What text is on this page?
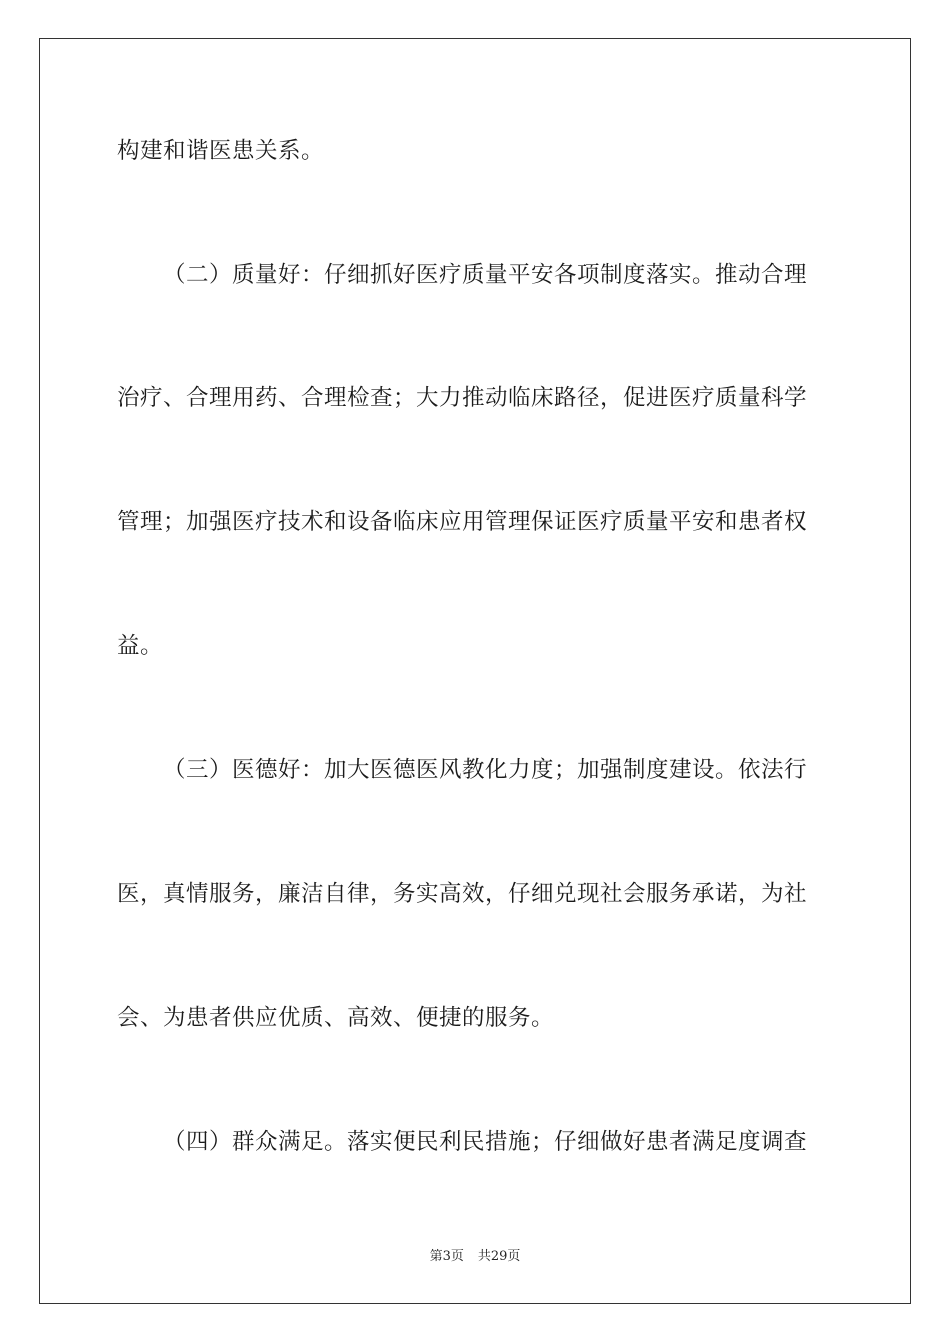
构建和谐医患关系。
（二）质量好：仔细抓好医疗质量平安各项制度落实。推动合理
治疗、合理用药、合理检查；大力推动临床路径，促进医疗质量科学
管理；加强医疗技术和设备临床应用管理保证医疗质量平安和患者权
益。
（三）医德好：加大医德医风教化力度；加强制度建设。依法行
医，真情服务，廉洁自律，务实高效，仔细兑现社会服务承诺，为社
会、为患者供应优质、高效、便捷的服务。
（四）群众满足。落实便民利民措施；仔细做好患者满足度调查
第3页 共29页
